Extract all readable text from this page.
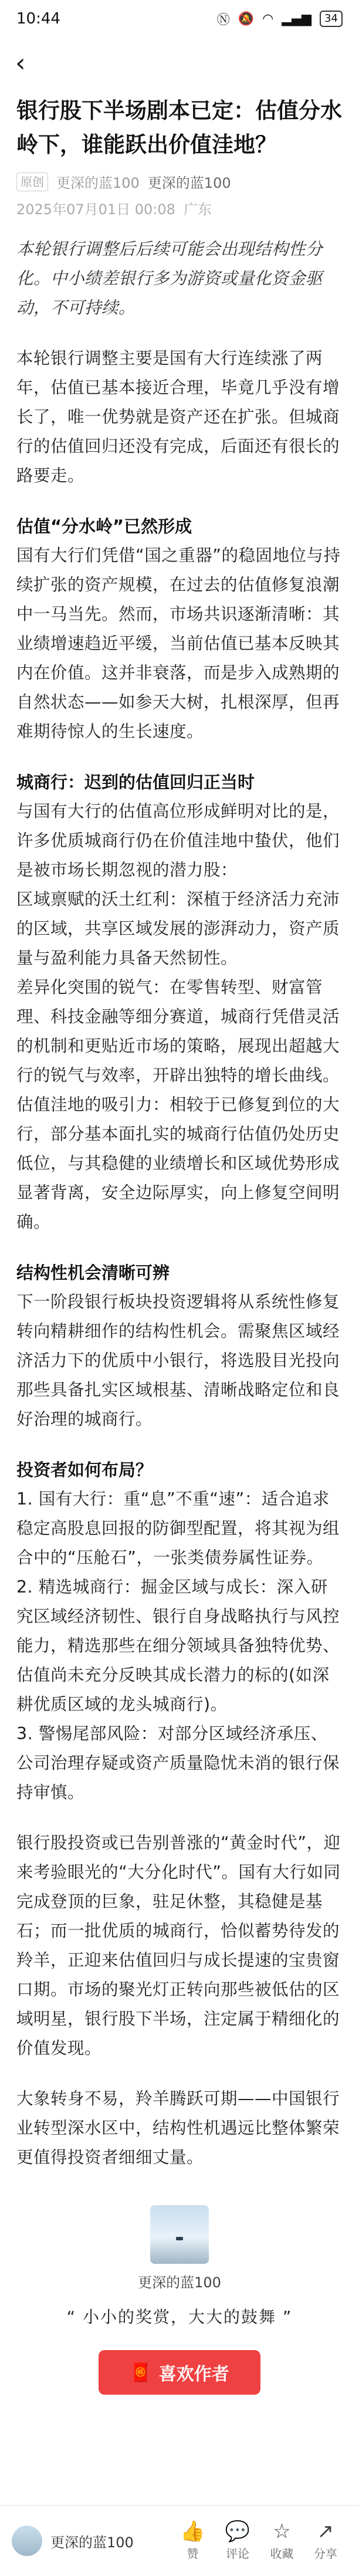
10:44	Ⓝ 🔕 ◠ ▂▄▆	34
‹
银行股下半场剧本已定：估值分水岭下，谁能跃出价值洼地？
原创 更深的蓝100 更深的蓝100
2025年07月01日 00:08 广东

本轮银行调整后后续可能会出现结构性分化。中小绩差银行多为游资或量化资金驱动，不可持续。

本轮银行调整主要是国有大行连续涨了两年，估值已基本接近合理，毕竟几乎没有增长了，唯一优势就是资产还在扩张。但城商行的估值回归还没有完成，后面还有很长的路要走。

估值“分水岭”已然形成

国有大行们凭借“国之重器”的稳固地位与持续扩张的资产规模，在过去的估值修复浪潮中一马当先。然而，市场共识逐渐清晰：其业绩增速趋近平缓，当前估值已基本反映其内在价值。这并非衰落，而是步入成熟期的自然状态——如参天大树，扎根深厚，但再难期待惊人的生长速度。

城商行：迟到的估值回归正当时

与国有大行的估值高位形成鲜明对比的是，许多优质城商行仍在价值洼地中蛰伏，他们是被市场长期忽视的潜力股：

区域禀赋的沃土红利：深植于经济活力充沛的区域，共享区域发展的澎湃动力，资产质量与盈利能力具备天然韧性。

差异化突围的锐气：在零售转型、财富管理、科技金融等细分赛道，城商行凭借灵活的机制和更贴近市场的策略，展现出超越大行的锐气与效率，开辟出独特的增长曲线。

估值洼地的吸引力：相较于已修复到位的大行，部分基本面扎实的城商行估值仍处历史低位，与其稳健的业绩增长和区域优势形成显著背离，安全边际厚实，向上修复空间明确。

结构性机会清晰可辨

下一阶段银行板块投资逻辑将从系统性修复转向精耕细作的结构性机会。需聚焦区域经济活力下的优质中小银行，将选股目光投向那些具备扎实区域根基、清晰战略定位和良好治理的城商行。

投资者如何布局？

1. 国有大行：重“息”不重“速”：适合追求稳定高股息回报的防御型配置，将其视为组合中的“压舱石”，一张类债券属性证券。

2. 精选城商行：掘金区域与成长：深入研究区域经济韧性、银行自身战略执行与风控能力，精选那些在细分领域具备独特优势、估值尚未充分反映其成长潜力的标的(如深耕优质区域的龙头城商行)。

3. 警惕尾部风险：对部分区域经济承压、公司治理存疑或资产质量隐忧未消的银行保持审慎。

银行股投资或已告别普涨的“黄金时代”，迎来考验眼光的“大分化时代”。国有大行如同完成登顶的巨象，驻足休整，其稳健是基石；而一批优质的城商行，恰似蓄势待发的羚羊，正迎来估值回归与成长提速的宝贵窗口期。市场的聚光灯正转向那些被低估的区域明星，银行股下半场，注定属于精细化的价值发现。

大象转身不易，羚羊腾跃可期——中国银行业转型深水区中，结构性机遇远比整体繁荣更值得投资者细细丈量。

更深的蓝100
“ 小小的奖赏，大大的鼓舞 ”
🧧 喜欢作者
更深的蓝100 👍
赞
💬
评论
☆
收藏
↗
分享
